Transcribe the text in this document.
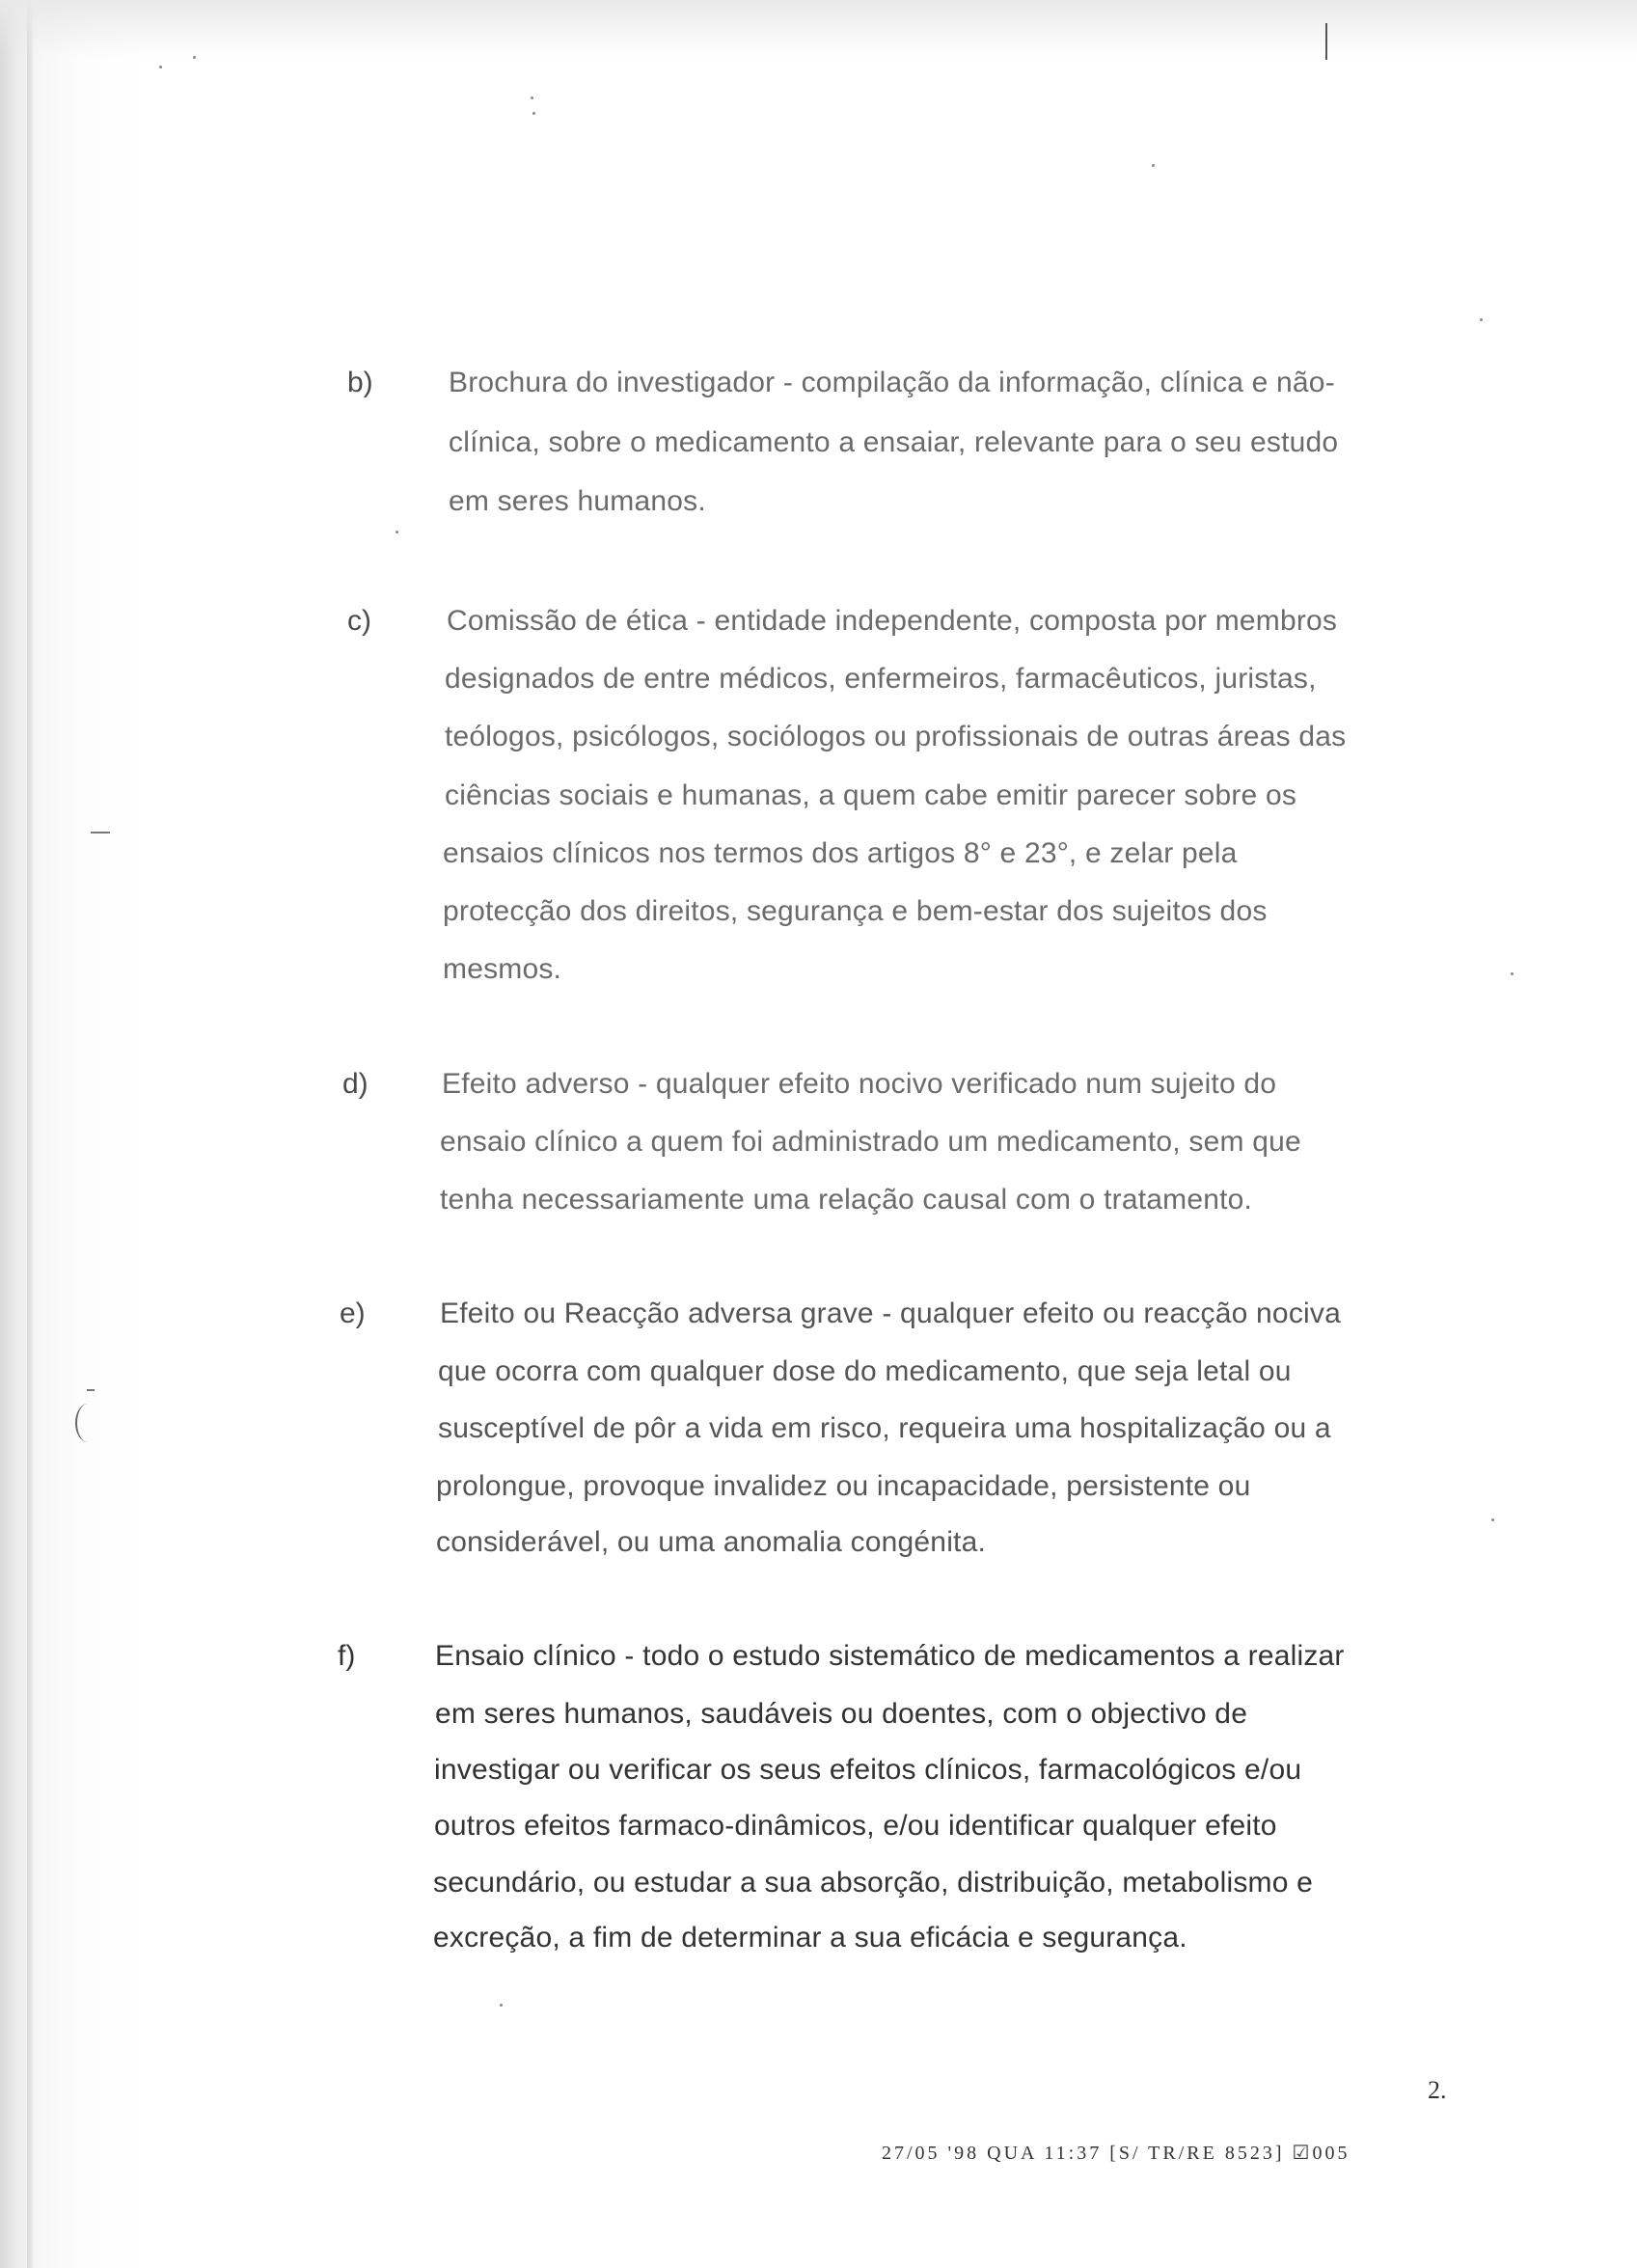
b)	Brochura do investigador - compilação da informação, clínica e não-
clínica, sobre o medicamento a ensaiar, relevante para o seu estudo
em seres humanos.
c)	Comissão de ética - entidade independente, composta por membros
designados de entre médicos, enfermeiros, farmacêuticos, juristas,
teólogos, psicólogos, sociólogos ou profissionais de outras áreas das
ciências sociais e humanas, a quem cabe emitir parecer sobre os
ensaios clínicos nos termos dos artigos 8° e 23°, e zelar pela
protecção dos direitos, segurança e bem-estar dos sujeitos dos
mesmos.
d)	Efeito adverso - qualquer efeito nocivo verificado num sujeito do
ensaio clínico a quem foi administrado um medicamento, sem que
tenha necessariamente uma relação causal com o tratamento.
e)	Efeito ou Reacção adversa grave - qualquer efeito ou reacção nociva
que ocorra com qualquer dose do medicamento, que seja letal ou
susceptível de pôr a vida em risco, requeira uma hospitalização ou a
prolongue, provoque invalidez ou incapacidade, persistente ou
considerável, ou uma anomalia congénita.
f)	Ensaio clínico - todo o estudo sistemático de medicamentos a realizar
em seres humanos, saudáveis ou doentes, com o objectivo de
investigar ou verificar os seus efeitos clínicos, farmacológicos e/ou
outros efeitos farmaco-dinâmicos, e/ou identificar qualquer efeito
secundário, ou estudar a sua absorção, distribuição, metabolismo e
excreção, a fim de determinar a sua eficácia e segurança.
2.
27/05 '98 QUA 11:37 [S/ TR/RE 8523] ☑005
